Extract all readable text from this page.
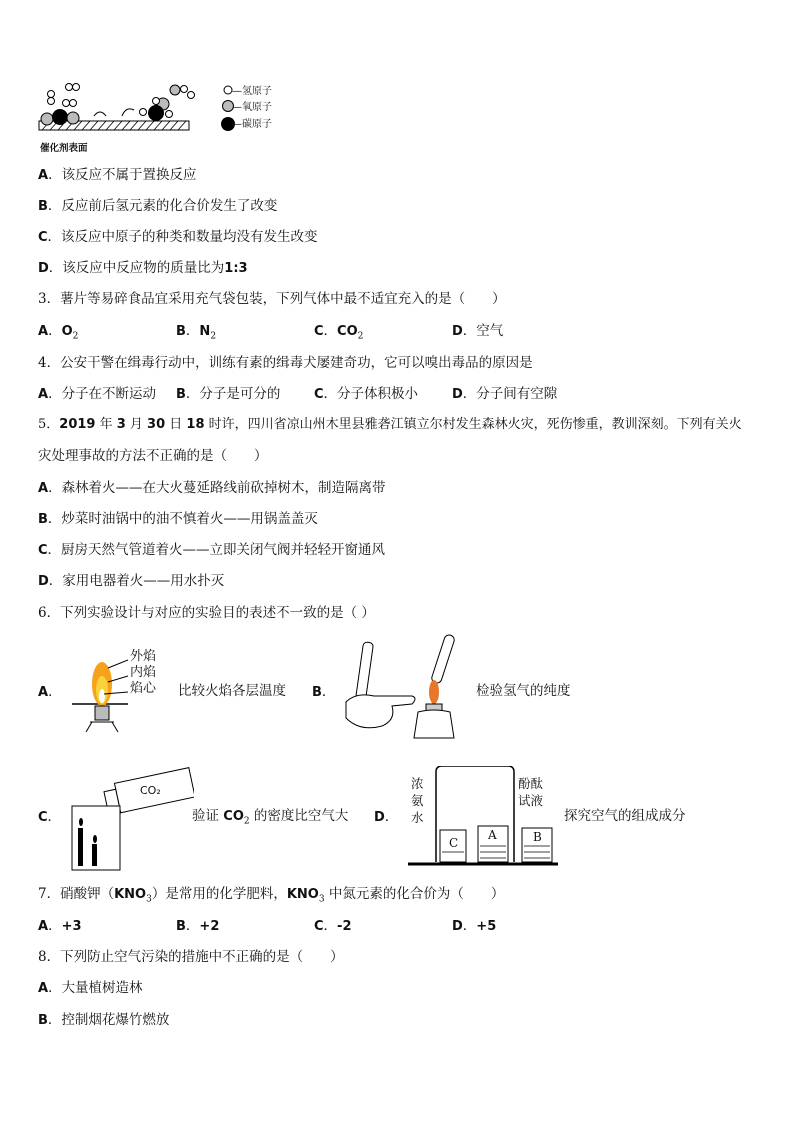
催化剂表面
—氢原子
—氧原子
—碳原子
A．该反应不属于置换反应
B．反应前后氢元素的化合价发生了改变
C．该反应中原子的种类和数量均没有发生改变
D．该反应中反应物的质量比为1:3
3．薯片等易碎食品宜采用充气袋包装，下列气体中最不适宜充入的是（　　）
A．$O_2$	B．$N_2$	C．$CO_2$	D．空气
4．公安干警在缉毒行动中，训练有素的缉毒犬屡建奇功，它可以嗅出毒品的原因是
A．分子在不断运动 B．分子是可分的	C．分子体积极小	D．分子间有空隙
5．2019 年 3 月 30 日 18 时许，四川省凉山州木里县雅砻江镇立尔村发生森林火灾，死伤惨重，教训深刻。下列有关火
灾处理事故的方法不正确的是（　　）
A．森林着火——在大火蔓延路线前砍掉树木，制造隔离带
B．炒菜时油锅中的油不慎着火——用锅盖盖灭
C．厨房天然气管道着火——立即关闭气阀并轻轻开窗通风
D．家用电器着火——用水扑灭
6．下列实验设计与对应的实验目的表述不一致的是（ ）
A．
外焰
内焰
焰心 比较火焰各层温度 B．	检验氢气的纯度
C．
CO₂
验证 $CO_2$ 的密度比空气大 D．
浓
氨
水
酚酞
试液
C
A	B
探究空气的组成成分
7．硝酸钾$(KNO_3)$是常用的化学肥料，$KNO_3$ 中氮元素的化合价为（　　）
A．+3	B．+2	C．-2	D．+5
8．下列防止空气污染的措施中不正确的是（　　）
A．大量植树造林
B．控制烟花爆竹燃放
